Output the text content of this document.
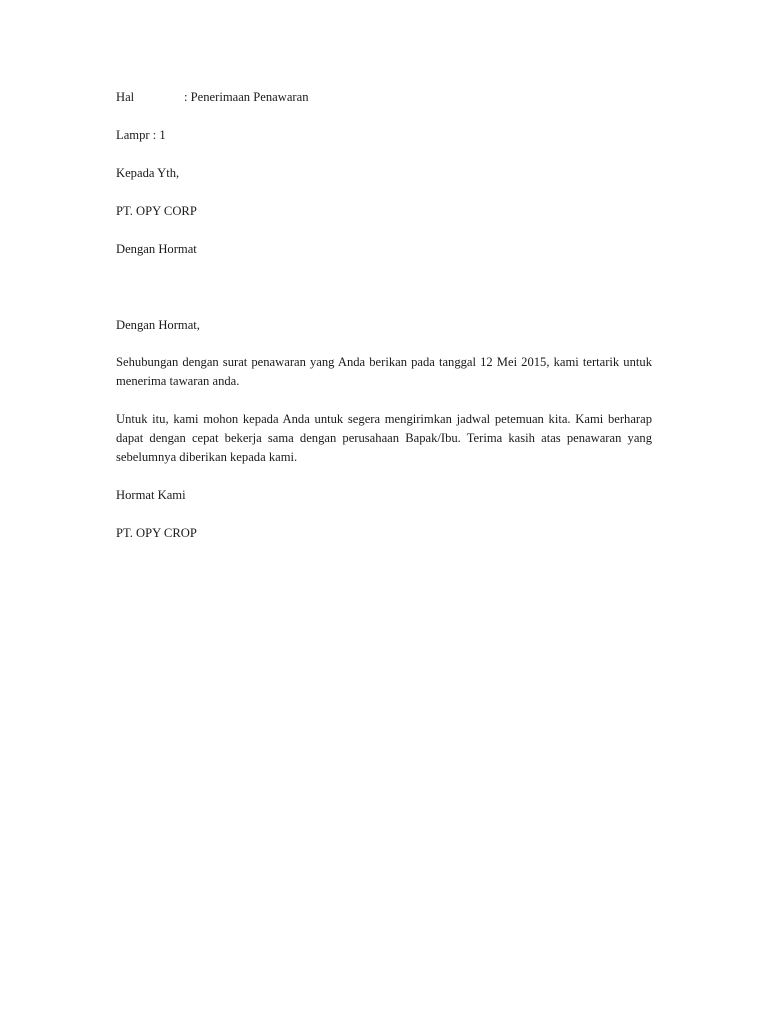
Hal	: Penerimaan Penawaran
Lampr : 1
Kepada Yth,
PT. OPY CORP
Dengan Hormat
Dengan Hormat,
Sehubungan dengan surat penawaran yang Anda berikan pada tanggal 12 Mei 2015, kami tertarik untuk menerima tawaran anda.
Untuk itu, kami mohon kepada Anda untuk segera mengirimkan jadwal petemuan kita. Kami berharap dapat dengan cepat bekerja sama dengan perusahaan Bapak/Ibu. Terima kasih atas penawaran yang sebelumnya diberikan kepada kami.
Hormat Kami
PT. OPY CROP
